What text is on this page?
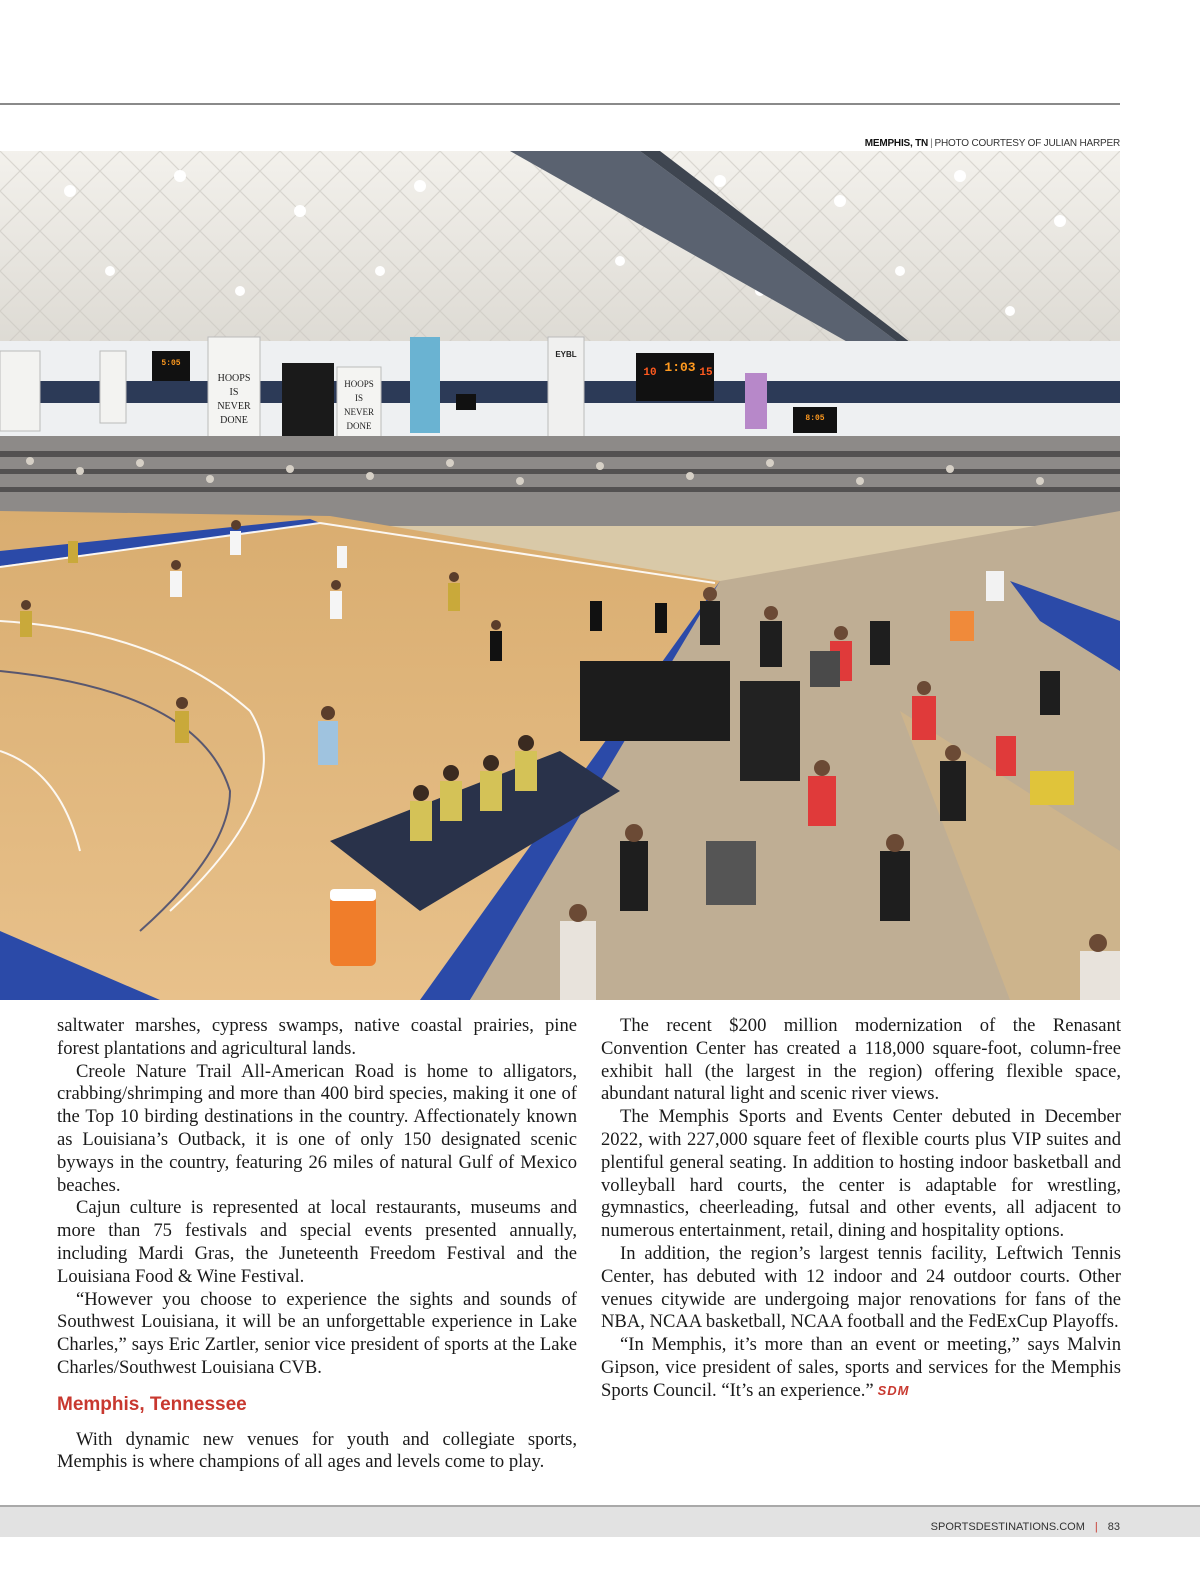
MEMPHIS, TN | PHOTO COURTESY OF JULIAN HARPER
HOOPS
IS
NEVER
DONE
HOOPS
IS
NEVER
DONE
EYBL
1:03
10	15
5:05
8:05

saltwater marshes, cypress swamps, native coastal prairies, pine forest plantations and agricultural lands.

Creole Nature Trail All-American Road is home to alligators, crabbing/shrimping and more than 400 bird species, making it one of the Top 10 birding destinations in the country. Affectionately known as Louisiana’s Outback, it is one of only 150 designated scenic byways in the country, featuring 26 miles of natural Gulf of Mexico beaches.

Cajun culture is represented at local restaurants, museums and more than 75 festivals and special events presented annually, including Mardi Gras, the Juneteenth Freedom Festival and the Louisiana Food & Wine Festival.

“However you choose to experience the sights and sounds of Southwest Louisiana, it will be an unforgettable experience in Lake Charles,” says Eric Zartler, senior vice president of sports at the Lake Charles/Southwest Louisiana CVB.

Memphis, Tennessee

With dynamic new venues for youth and collegiate sports, Memphis is where champions of all ages and levels come to play.

The recent $200 million modernization of the Renasant Convention Center has created a 118,000 square-foot, column-free exhibit hall (the largest in the region) offering flexible space, abundant natural light and scenic river views.

The Memphis Sports and Events Center debuted in December 2022, with 227,000 square feet of flexible courts plus VIP suites and plentiful general seating. In addition to hosting indoor basketball and volleyball hard courts, the center is adaptable for wrestling, gymnastics, cheerleading, futsal and other events, all adjacent to numerous entertainment, retail, dining and hospitality options.

In addition, the region’s largest tennis facility, Leftwich Tennis Center, has debuted with 12 indoor and 24 outdoor courts. Other venues citywide are undergoing major renovations for fans of the NBA, NCAA basketball, NCAA football and the FedExCup Playoffs.

“In Memphis, it’s more than an event or meeting,” says Malvin Gipson, vice president of sales, sports and services for the Memphis Sports Council. “It’s an experience.” SDM

SPORTSDESTINATIONS.COM | 83
